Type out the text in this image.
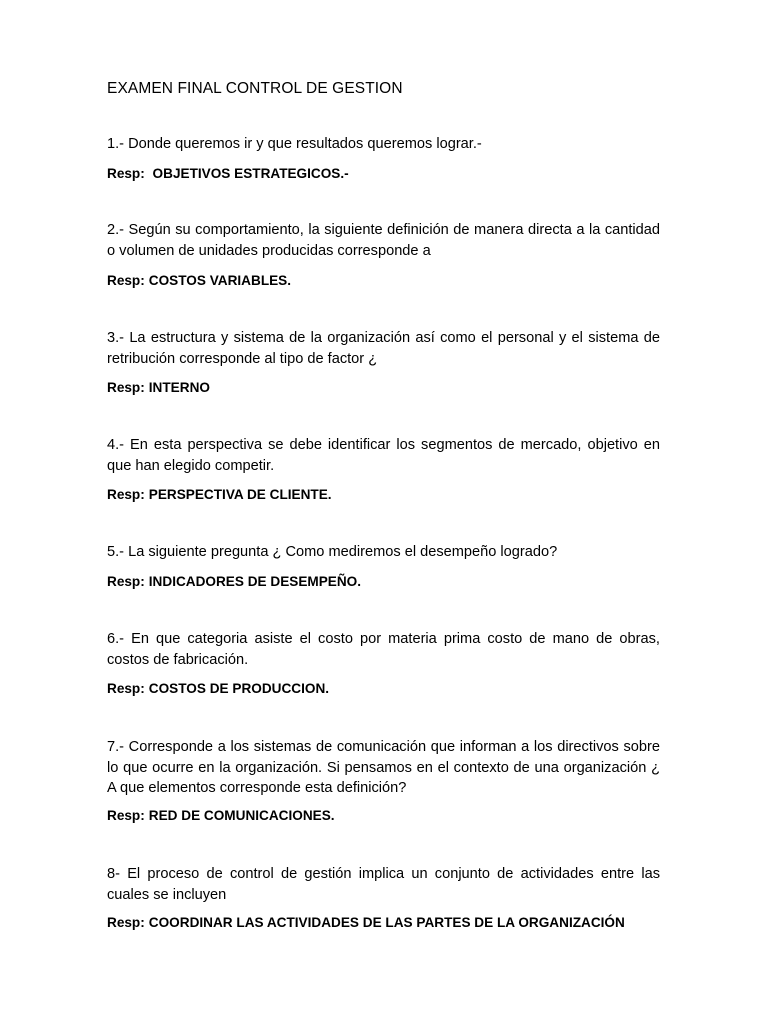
EXAMEN FINAL CONTROL DE GESTION
1.- Donde queremos ir y que resultados queremos lograr.-
Resp: OBJETIVOS ESTRATEGICOS.-
2.- Según su comportamiento, la siguiente definición de manera directa a la cantidad o volumen de unidades producidas corresponde a
Resp: COSTOS VARIABLES.
3.- La estructura y sistema de la organización así como el personal y el sistema de retribución corresponde al tipo de factor ¿
Resp: INTERNO
4.- En esta perspectiva se debe identificar los segmentos de mercado, objetivo en que han elegido competir.
Resp: PERSPECTIVA DE CLIENTE.
5.- La siguiente pregunta ¿ Como mediremos el desempeño logrado?
Resp: INDICADORES DE DESEMPEÑO.
6.- En que categoria asiste el costo por materia prima costo de mano de obras, costos de fabricación.
Resp: COSTOS DE PRODUCCION.
7.- Corresponde a los sistemas de comunicación que informan a los directivos sobre lo que ocurre en la organización. Si pensamos en el contexto de una organización ¿ A que elementos corresponde esta definición?
Resp: RED DE COMUNICACIONES.
8- El proceso de control de gestión implica un conjunto de actividades entre las cuales se incluyen
Resp: COORDINAR LAS ACTIVIDADES DE LAS PARTES DE LA ORGANIZACIÓN
